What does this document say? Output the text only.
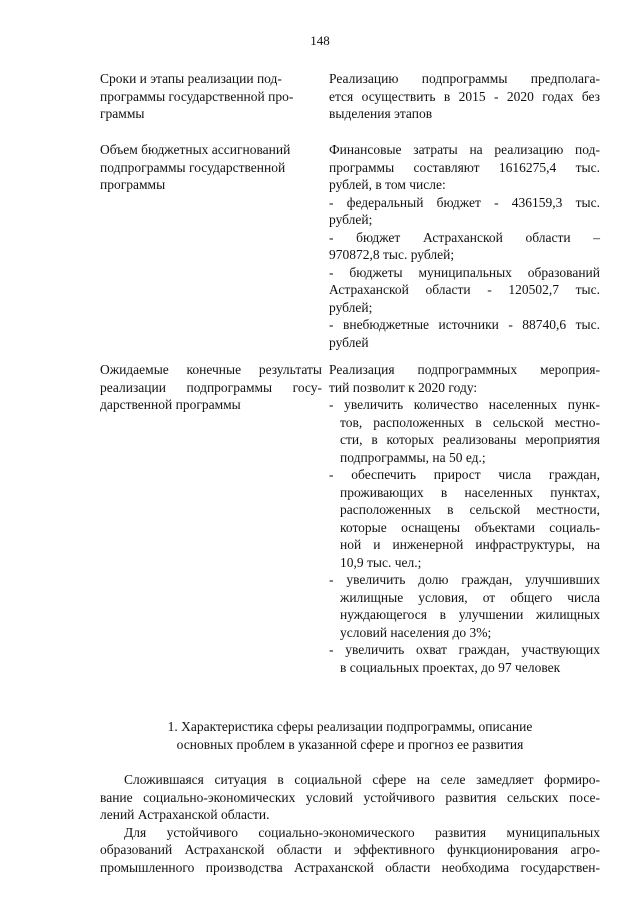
148
Сроки и этапы реализации под-
программы государственной про-
граммы
Реализацию подпрограммы предполага-
ется осуществить в 2015 - 2020 годах без
выделения этапов
Объем бюджетных ассигнований
подпрограммы государственной
программы
Финансовые затраты на реализацию под-
программы составляют 1616275,4 тыс.
рублей, в том числе:
- федеральный бюджет - 436159,3 тыс.
рублей;
- бюджет Астраханской области –
970872,8 тыс. рублей;
- бюджеты муниципальных образований
Астраханской области - 120502,7 тыс.
рублей;
- внебюджетные источники - 88740,6 тыс.
рублей
Ожидаемые конечные результаты
реализации подпрограммы госу-
дарственной программы
Реализация подпрограммных мероприя-
тий позволит к 2020 году:
- увеличить количество населенных пунк-
тов, расположенных в сельской местно-
сти, в которых реализованы мероприятия
подпрограммы, на 50 ед.;
- обеспечить прирост числа граждан,
проживающих в населенных пунктах,
расположенных в сельской местности,
которые оснащены объектами социаль-
ной и инженерной инфраструктуры, на
10,9 тыс. чел.;
- увеличить долю граждан, улучшивших
жилищные условия, от общего числа
нуждающегося в улучшении жилищных
условий населения до 3%;
- увеличить охват граждан, участвующих
в социальных проектах, до 97 человек
1. Характеристика сферы реализации подпрограммы, описание
основных проблем в указанной сфере и прогноз ее развития

Сложившаяся ситуация в социальной сфере на селе замедляет формиро-
вание социально-экономических условий устойчивого развития сельских посе-
лений Астраханской области.

Для устойчивого социально-экономического развития муниципальных
образований Астраханской области и эффективного функционирования агро-
промышленного производства Астраханской области необходима государствен-
